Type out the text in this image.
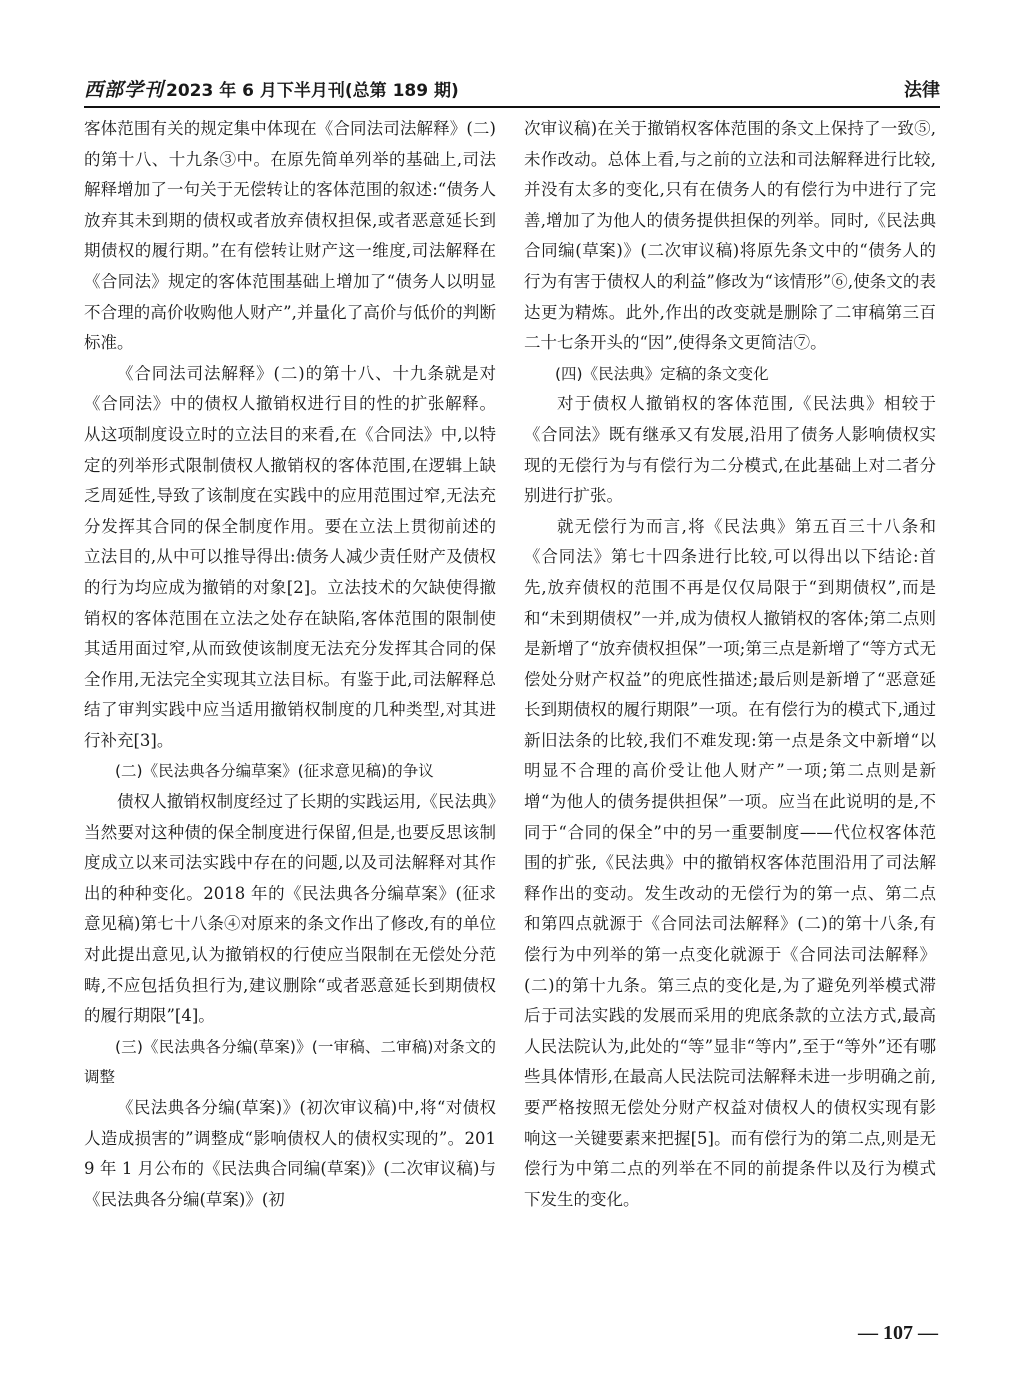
西部学刊 2023 年 6 月下半月刊(总第 189 期)	法律

客体范围有关的规定集中体现在《合同法司法解释》(二)的第十八、十九条③中。在原先简单列举的基础上,司法解释增加了一句关于无偿转让的客体范围的叙述:“债务人放弃其未到期的债权或者放弃债权担保,或者恶意延长到期债权的履行期。”在有偿转让财产这一维度,司法解释在《合同法》规定的客体范围基础上增加了“债务人以明显不合理的高价收购他人财产”,并量化了高价与低价的判断标准。

《合同法司法解释》(二)的第十八、十九条就是对《合同法》中的债权人撤销权进行目的性的扩张解释。从这项制度设立时的立法目的来看,在《合同法》中,以特定的列举形式限制债权人撤销权的客体范围,在逻辑上缺乏周延性,导致了该制度在实践中的应用范围过窄,无法充分发挥其合同的保全制度作用。要在立法上贯彻前述的立法目的,从中可以推导得出:债务人减少责任财产及债权的行为均应成为撤销的对象[2]。立法技术的欠缺使得撤销权的客体范围在立法之处存在缺陷,客体范围的限制使其适用面过窄,从而致使该制度无法充分发挥其合同的保全作用,无法完全实现其立法目标。有鉴于此,司法解释总结了审判实践中应当适用撤销权制度的几种类型,对其进行补充[3]。

(二)《民法典各分编草案》(征求意见稿)的争议

债权人撤销权制度经过了长期的实践运用,《民法典》当然要对这种债的保全制度进行保留,但是,也要反思该制度成立以来司法实践中存在的问题,以及司法解释对其作出的种种变化。2018 年的《民法典各分编草案》(征求意见稿)第七十八条④对原来的条文作出了修改,有的单位对此提出意见,认为撤销权的行使应当限制在无偿处分范畴,不应包括负担行为,建议删除“或者恶意延长到期债权的履行期限”[4]。

(三)《民法典各分编(草案)》(一审稿、二审稿)对条文的调整

《民法典各分编(草案)》(初次审议稿)中,将“对债权人造成损害的”调整成“影响债权人的债权实现的”。2019 年 1 月公布的《民法典合同编(草案)》(二次审议稿)与《民法典各分编(草案)》(初

次审议稿)在关于撤销权客体范围的条文上保持了一致⑤,未作改动。总体上看,与之前的立法和司法解释进行比较,并没有太多的变化,只有在债务人的有偿行为中进行了完善,增加了为他人的债务提供担保的列举。同时,《民法典合同编(草案)》(二次审议稿)将原先条文中的“债务人的行为有害于债权人的利益”修改为“该情形”⑥,使条文的表达更为精炼。此外,作出的改变就是删除了二审稿第三百二十七条开头的“因”,使得条文更简洁⑦。

(四)《民法典》定稿的条文变化

对于债权人撤销权的客体范围,《民法典》相较于《合同法》既有继承又有发展,沿用了债务人影响债权实现的无偿行为与有偿行为二分模式,在此基础上对二者分别进行扩张。

就无偿行为而言,将《民法典》第五百三十八条和《合同法》第七十四条进行比较,可以得出以下结论:首先,放弃债权的范围不再是仅仅局限于“到期债权”,而是和“未到期债权”一并,成为债权人撤销权的客体;第二点则是新增了“放弃债权担保”一项;第三点是新增了“等方式无偿处分财产权益”的兜底性描述;最后则是新增了“恶意延长到期债权的履行期限”一项。在有偿行为的模式下,通过新旧法条的比较,我们不难发现:第一点是条文中新增“以明显不合理的高价受让他人财产”一项;第二点则是新增“为他人的债务提供担保”一项。应当在此说明的是,不同于“合同的保全”中的另一重要制度——代位权客体范围的扩张,《民法典》中的撤销权客体范围沿用了司法解释作出的变动。发生改动的无偿行为的第一点、第二点和第四点就源于《合同法司法解释》(二)的第十八条,有偿行为中列举的第一点变化就源于《合同法司法解释》(二)的第十九条。第三点的变化是,为了避免列举模式滞后于司法实践的发展而采用的兜底条款的立法方式,最高人民法院认为,此处的“等”显非“等内”,至于“等外”还有哪些具体情形,在最高人民法院司法解释未进一步明确之前,要严格按照无偿处分财产权益对债权人的债权实现有影响这一关键要素来把握[5]。而有偿行为的第二点,则是无偿行为中第二点的列举在不同的前提条件以及行为模式下发生的变化。

— 107 —
